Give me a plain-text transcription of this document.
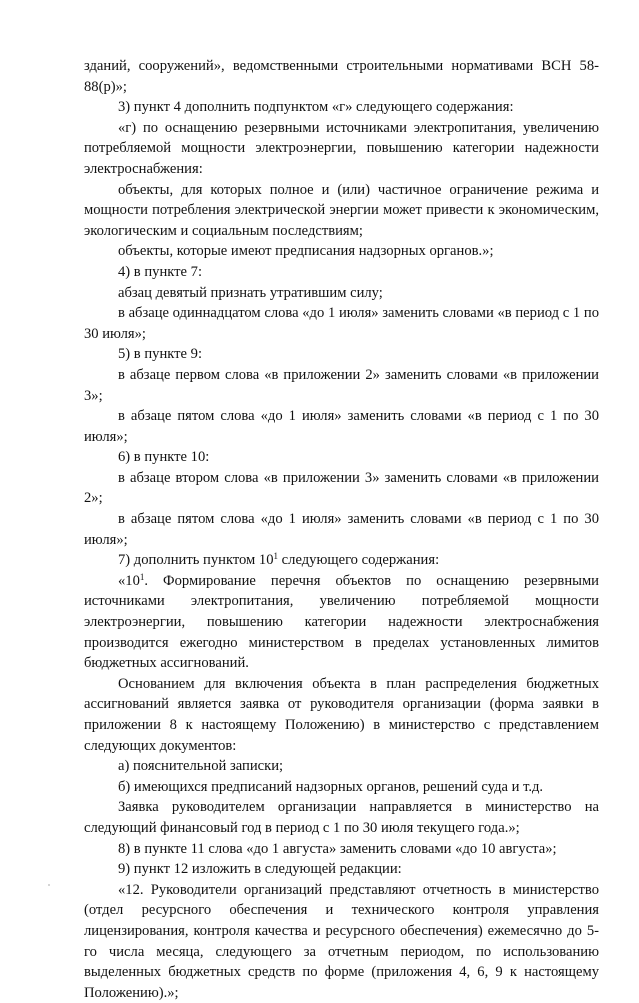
зданий, сооружений», ведомственными строительными нормативами ВСН 58-88(р)»;

3) пункт 4 дополнить подпунктом «г» следующего содержания:

«г) по оснащению резервными источниками электропитания, увеличению потребляемой мощности электроэнергии, повышению категории надежности электроснабжения:

объекты, для которых полное и (или) частичное ограничение режима и мощности потребления электрической энергии может привести к экономическим, экологическим и социальным последствиям;

объекты, которые имеют предписания надзорных органов.»;

4) в пункте 7:

абзац девятый признать утратившим силу;

в абзаце одиннадцатом слова «до 1 июля» заменить словами «в период с 1 по 30 июля»;

5) в пункте 9:

в абзаце первом слова «в приложении 2» заменить словами «в приложении 3»;

в абзаце пятом слова «до 1 июля» заменить словами «в период с 1 по 30 июля»;

6) в пункте 10:

в абзаце втором слова «в приложении 3» заменить словами «в приложении 2»;

в абзаце пятом слова «до 1 июля» заменить словами «в период с 1 по 30 июля»;

7) дополнить пунктом $10^1$ следующего содержания:

«$10^1$. Формирование перечня объектов по оснащению резервными источниками электропитания, увеличению потребляемой мощности электроэнергии, повышению категории надежности электроснабжения производится ежегодно министерством в пределах установленных лимитов бюджетных ассигнований.

Основанием для включения объекта в план распределения бюджетных ассигнований является заявка от руководителя организации (форма заявки в приложении 8 к настоящему Положению) в министерство с представлением следующих документов:

а) пояснительной записки;

б) имеющихся предписаний надзорных органов, решений суда и т.д.

Заявка руководителем организации направляется в министерство на следующий финансовый год в период с 1 по 30 июля текущего года.»;

8) в пункте 11 слова «до 1 августа» заменить словами «до 10 августа»;

9) пункт 12 изложить в следующей редакции:

«12. Руководители организаций представляют отчетность в министерство (отдел ресурсного обеспечения и технического контроля управления лицензирования, контроля качества и ресурсного обеспечения) ежемесячно до 5-го числа месяца, следующего за отчетным периодом, по использованию выделенных бюджетных средств по форме (приложения 4, 6, 9 к настоящему Положению).»;
